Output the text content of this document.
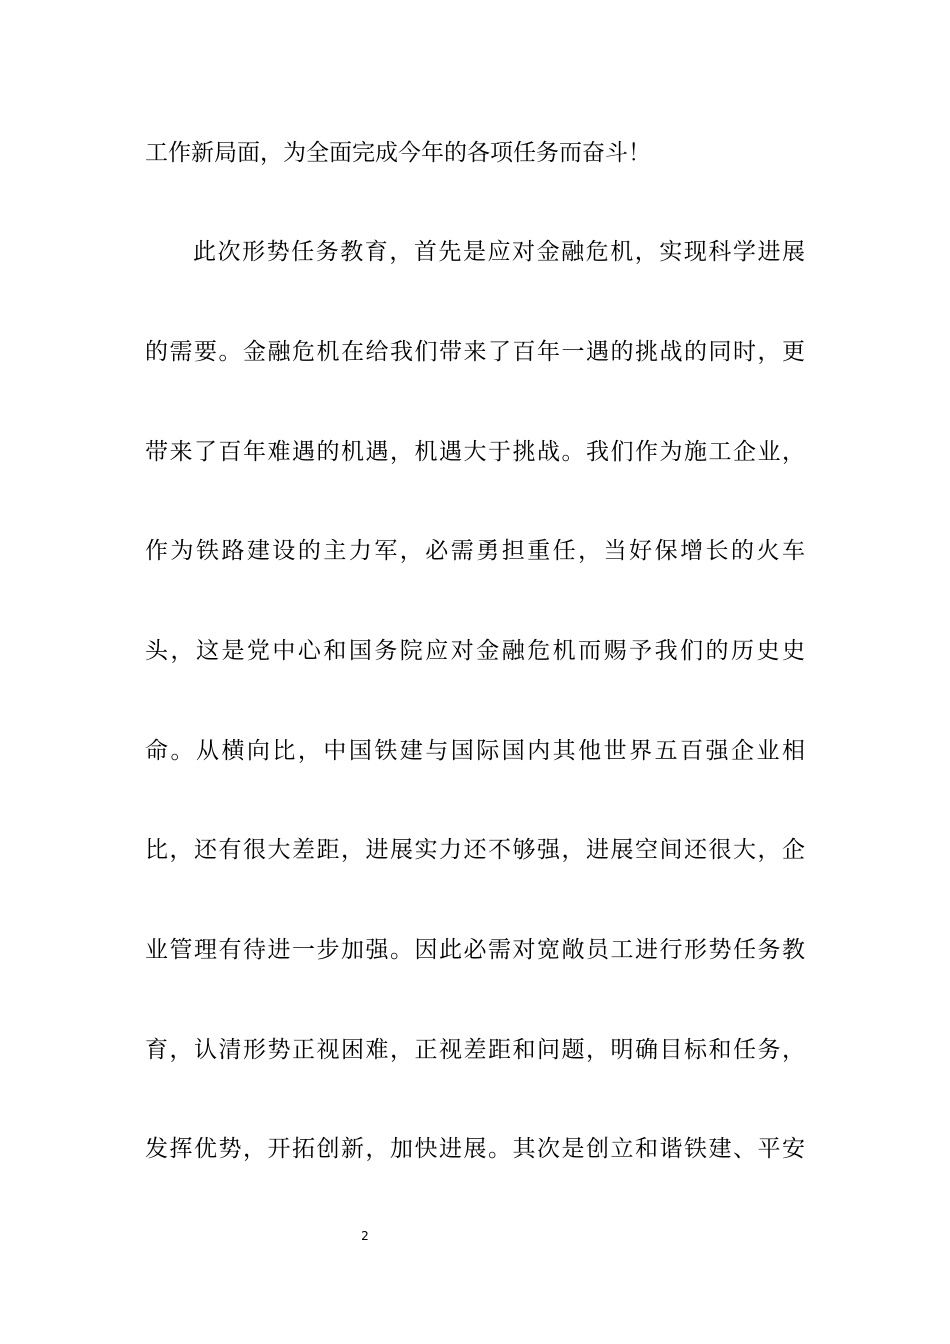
工作新局面，为全面完成今年的各项任务而奋斗！
此次形势任务教育，首先是应对金融危机，实现科学进展
的需要。金融危机在给我们带来了百年一遇的挑战的同时，更
带来了百年难遇的机遇，机遇大于挑战。我们作为施工企业，
作为铁路建设的主力军，必需勇担重任，当好保增长的火车
头，这是党中心和国务院应对金融危机而赐予我们的历史史
命。从横向比，中国铁建与国际国内其他世界五百强企业相
比，还有很大差距，进展实力还不够强，进展空间还很大，企
业管理有待进一步加强。因此必需对宽敞员工进行形势任务教
育，认清形势正视困难，正视差距和问题，明确目标和任务，
发挥优势，开拓创新，加快进展。其次是创立和谐铁建、平安
2
